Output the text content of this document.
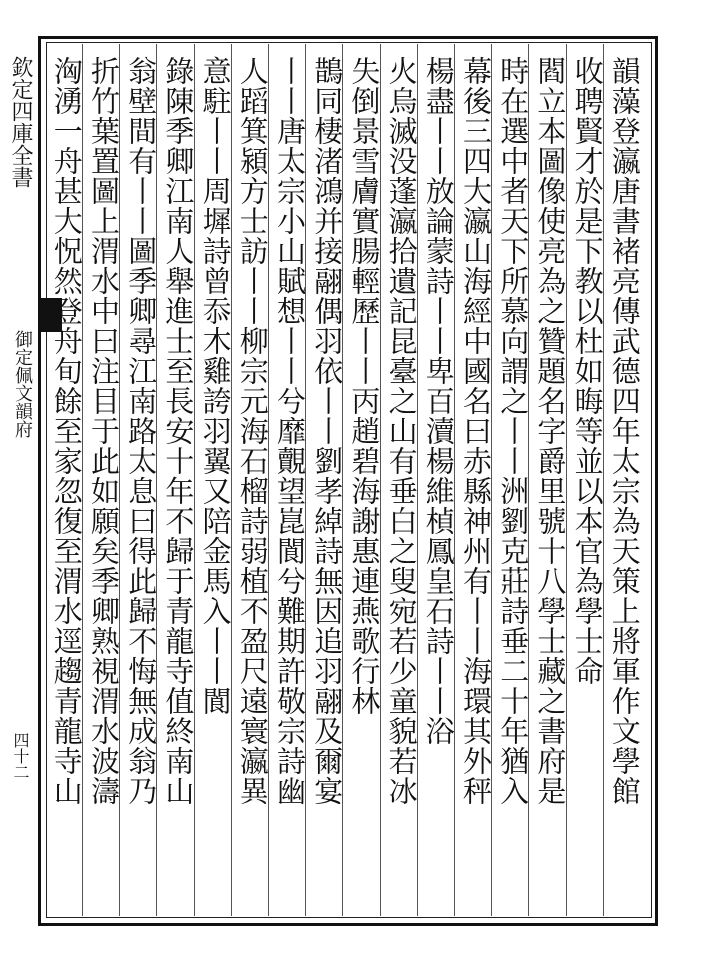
欽定四庫全書
御定佩文韻府
四十二	韻藻登瀛唐書褚亮傳武德四年太宗為天策上將軍作文學館
收聘賢才於是下教以杜如晦等並以本官為學士命
閻立本圖像使亮為之贊題名字爵里號十八學士藏之書府是
時在選中者天下所慕向謂之丨丨洲劉克莊詩垂二十年猶入
幕後三四大瀛山海經中國名曰赤縣神州有丨丨海環其外秤
楊盡丨丨放論蒙詩丨丨卑百瀆楊維楨鳳皇石詩丨丨浴
火烏滅没蓬瀛拾遺記昆臺之山有垂白之叟宛若少童貌若冰
失倒景雪膚實腸輕歷丨丨丙趙碧海謝惠連燕歌行林
鵲同棲渚鴻并接翮偶羽依丨丨劉孝綽詩無因追羽翮及爾宴
丨丨唐太宗小山賦想丨丨兮靡覿望崑閬兮難期許敬宗詩幽
人蹈箕潁方士訪丨丨柳宗元海石榴詩弱植不盈尺遠寰瀛異
意駐丨丨周墀詩曾忝木雞誇羽翼又陪金馬入丨丨閬
錄陳季卿江南人舉進士至長安十年不歸于青龍寺值終南山
翁壁間有丨丨圖季卿尋江南路太息曰得此歸不悔無成翁乃
折竹葉置圖上渭水中曰注目于此如願矣季卿熟視渭水波濤
洶湧一舟甚大怳然登舟旬餘至家忽復至渭水逕趨青龍寺山
